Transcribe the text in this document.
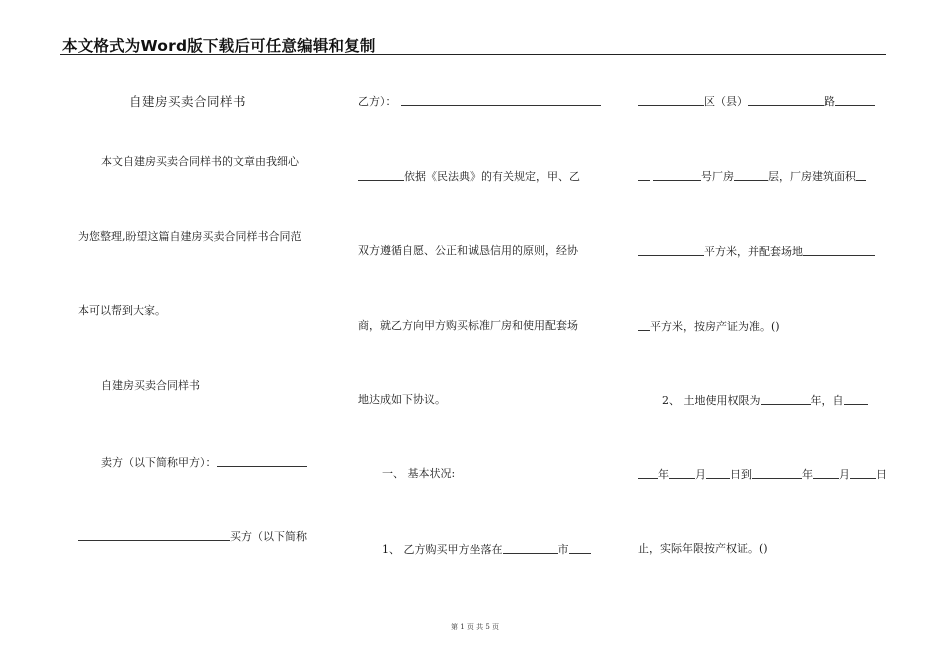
本文格式为Word版下载后可任意编辑和复制
自建房买卖合同样书
本文自建房买卖合同样书的文章由我细心
为您整理,盼望这篇自建房买卖合同样书合同范
本可以帮到大家。
自建房买卖合同样书
卖方（以下简称甲方）：
买方（以下简称
乙方）：
依据《民法典》的有关规定，甲、乙
双方遵循自愿、公正和诚恳信用的原则，经协
商，就乙方向甲方购买标准厂房和使用配套场
地达成如下协议。
一、 基本状况:
1、 乙方购买甲方坐落在	市
区（县）	路
号厂房	层，厂房建筑面积
平方米，并配套场地
平方米，按房产证为准。()
2、 土地使用权限为	年，自
年 月 日到	年 月 日
止，实际年限按产权证。()
第 1 页 共 5 页
